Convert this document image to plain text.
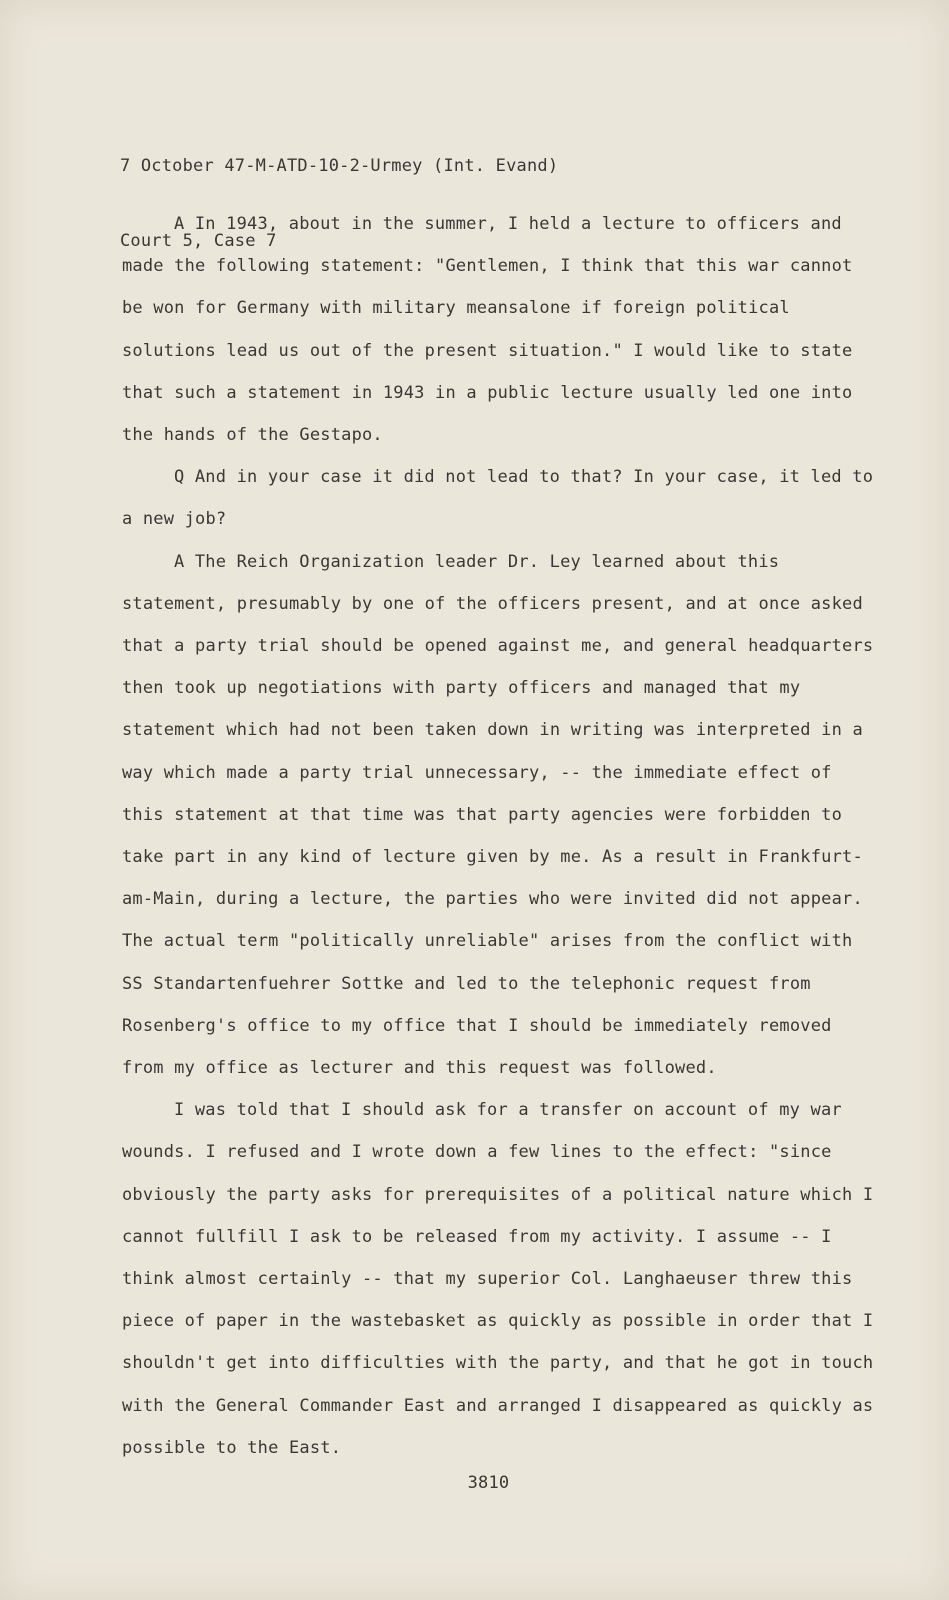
7 October 47-M-ATD-10-2-Urmey (Int. Evand)

Court 5, Case 7

A In 1943, about in the summer, I held a lecture to officers and made the following statement: "Gentlemen, I think that this war cannot be won for Germany with military meansalone if foreign political solutions lead us out of the present situation." I would like to state that such a statement in 1943 in a public lecture usually led one into the hands of the Gestapo.

Q And in your case it did not lead to that? In your case, it led to a new job?

A The Reich Organization leader Dr. Ley learned about this statement, presumably by one of the officers present, and at once asked that a party trial should be opened against me, and general headquarters then took up negotiations with party officers and managed that my statement which had not been taken down in writing was interpreted in a way which made a party trial unnecessary, -- the immediate effect of this statement at that time was that party agencies were forbidden to take part in any kind of lecture given by me. As a result in Frankfurt-am-Main, during a lecture, the parties who were invited did not appear. The actual term "politically unreliable" arises from the conflict with SS Standartenfuehrer Sottke and led to the telephonic request from Rosenberg's office to my office that I should be immediately removed from my office as lecturer and this request was followed.

I was told that I should ask for a transfer on account of my war wounds. I refused and I wrote down a few lines to the effect: "since obviously the party asks for prerequisites of a political nature which I cannot fullfill I ask to be released from my activity. I assume -- I think almost certainly -- that my superior Col. Langhaeuser threw this piece of paper in the wastebasket as quickly as possible in order that I shouldn't get into difficulties with the party, and that he got in touch with the General Commander East and arranged I disappeared as quickly as possible to the East.

3810
